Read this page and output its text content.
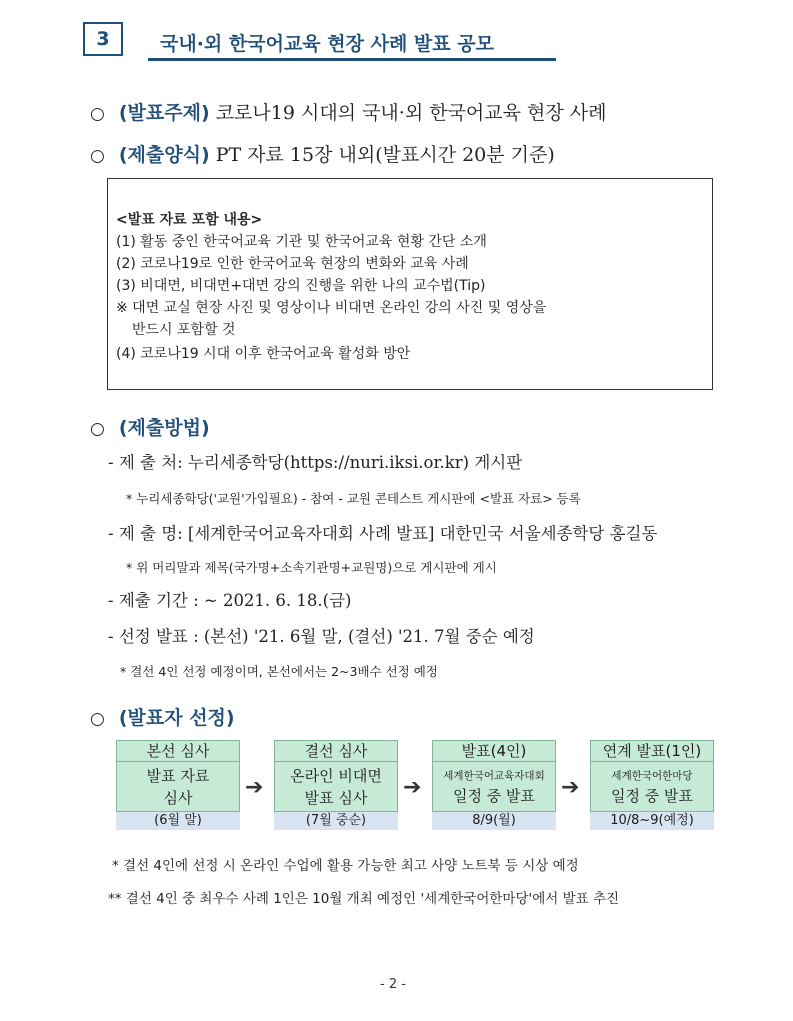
3	국내·외 한국어교육 현장 사례 발표 공모
○ (발표주제) 코로나19 시대의 국내·외 한국어교육 현장 사례
○ (제출양식) PT 자료 15장 내외(발표시간 20분 기준)
<발표 자료 포함 내용>
(1) 활동 중인 한국어교육 기관 및 한국어교육 현황 간단 소개
(2) 코로나19로 인한 한국어교육 현장의 변화와 교육 사례
(3) 비대면, 비대면+대면 강의 진행을 위한 나의 교수법(Tip)
※ 대면 교실 현장 사진 및 영상이나 비대면 온라인 강의 사진 및 영상을
반드시 포함할 것
(4) 코로나19 시대 이후 한국어교육 활성화 방안
○ (제출방법)
- 제 출 처: 누리세종학당(https://nuri.iksi.or.kr) 게시판
* 누리세종학당('교원'가입필요) - 참여 - 교원 콘테스트 게시판에 <발표 자료> 등록
- 제 출 명: [세계한국어교육자대회 사례 발표] 대한민국 서울세종학당 홍길동
* 위 머리말과 제목(국가명+소속기관명+교원명)으로 게시판에 게시
- 제출 기간 : ~ 2021. 6. 18.(금)
- 선정 발표 : (본선) '21. 6월 말, (결선) '21. 7월 중순 예정
* 결선 4인 선정 예정이며, 본선에서는 2~3배수 선정 예정
○ (발표자 선정)
본선 심사
발표 자료
심사
(6월 말)
➔
결선 심사
온라인 비대면
발표 심사
(7월 중순)
➔
발표(4인)
세계한국어교육자대회
일정 중 발표
8/9(월)
➔
연계 발표(1인)
세계한국어한마당
일정 중 발표
10/8~9(예정)
* 결선 4인에 선정 시 온라인 수업에 활용 가능한 최고 사양 노트북 등 시상 예정
** 결선 4인 중 최우수 사례 1인은 10월 개최 예정인 '세계한국어한마당'에서 발표 추진
- 2 -
